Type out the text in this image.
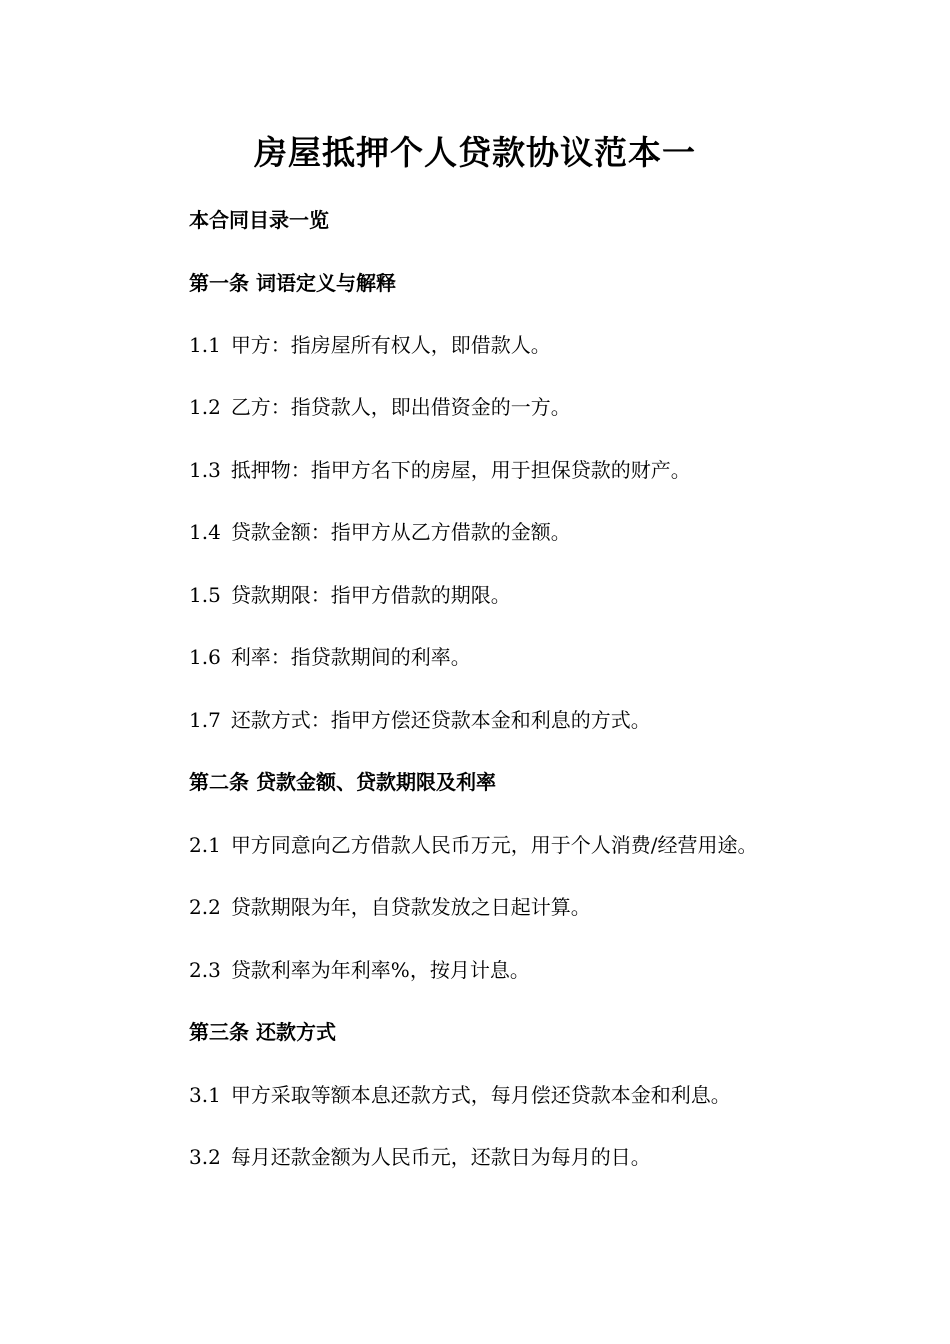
房屋抵押个人贷款协议范本一
本合同目录一览
第一条 词语定义与解释
1.1 甲方：指房屋所有权人，即借款人。
1.2 乙方：指贷款人，即出借资金的一方。
1.3 抵押物：指甲方名下的房屋，用于担保贷款的财产。
1.4 贷款金额：指甲方从乙方借款的金额。
1.5 贷款期限：指甲方借款的期限。
1.6 利率：指贷款期间的利率。
1.7 还款方式：指甲方偿还贷款本金和利息的方式。
第二条 贷款金额、贷款期限及利率
2.1 甲方同意向乙方借款人民币万元，用于个人消费/经营用途。
2.2 贷款期限为年，自贷款发放之日起计算。
2.3 贷款利率为年利率%，按月计息。
第三条 还款方式
3.1 甲方采取等额本息还款方式，每月偿还贷款本金和利息。
3.2 每月还款金额为人民币元，还款日为每月的日。
